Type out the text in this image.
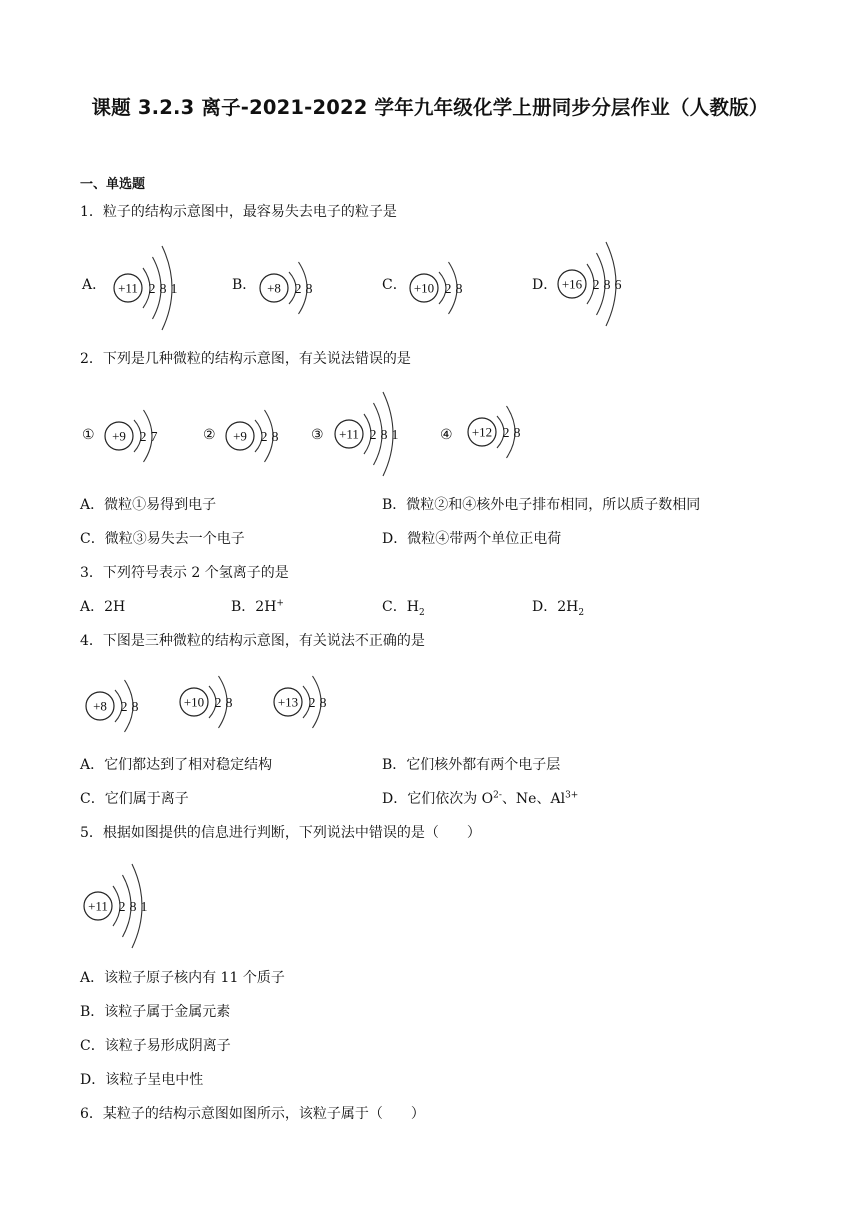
课题 3.2.3 离子-2021-2022 学年九年级化学上册同步分层作业（人教版）
一、单选题
1．粒子的结构示意图中，最容易失去电子的粒子是
A．	B．	C．	D．
+11 2 8 1	+8 2 8	+10 2 8	+16 2 8 6
2．下列是几种微粒的结构示意图，有关说法错误的是
①	②	③	④
+9 2 7	+9 2 8	+11 2 8 1	+12 2 8
A．微粒①易得到电子	B．微粒②和④核外电子排布相同，所以质子数相同
C．微粒③易失去一个电子	D．微粒④带两个单位正电荷
3．下列符号表示 2 个氢离子的是
A．2H	B．2H+	C．$H_2$	D．$2H_2$
4．下图是三种微粒的结构示意图，有关说法不正确的是
+8 2 8	+10 2 8	+13 2 8
A．它们都达到了相对稳定结构	B．它们核外都有两个电子层
C．它们属于离子	D．它们依次为 $O^{2-}$、Ne、$Al^{3+}$
5．根据如图提供的信息进行判断，下列说法中错误的是（　　）
+11 2 8 1
A．该粒子原子核内有 11 个质子
B．该粒子属于金属元素
C．该粒子易形成阴离子
D．该粒子呈电中性
6．某粒子的结构示意图如图所示，该粒子属于（　　）
